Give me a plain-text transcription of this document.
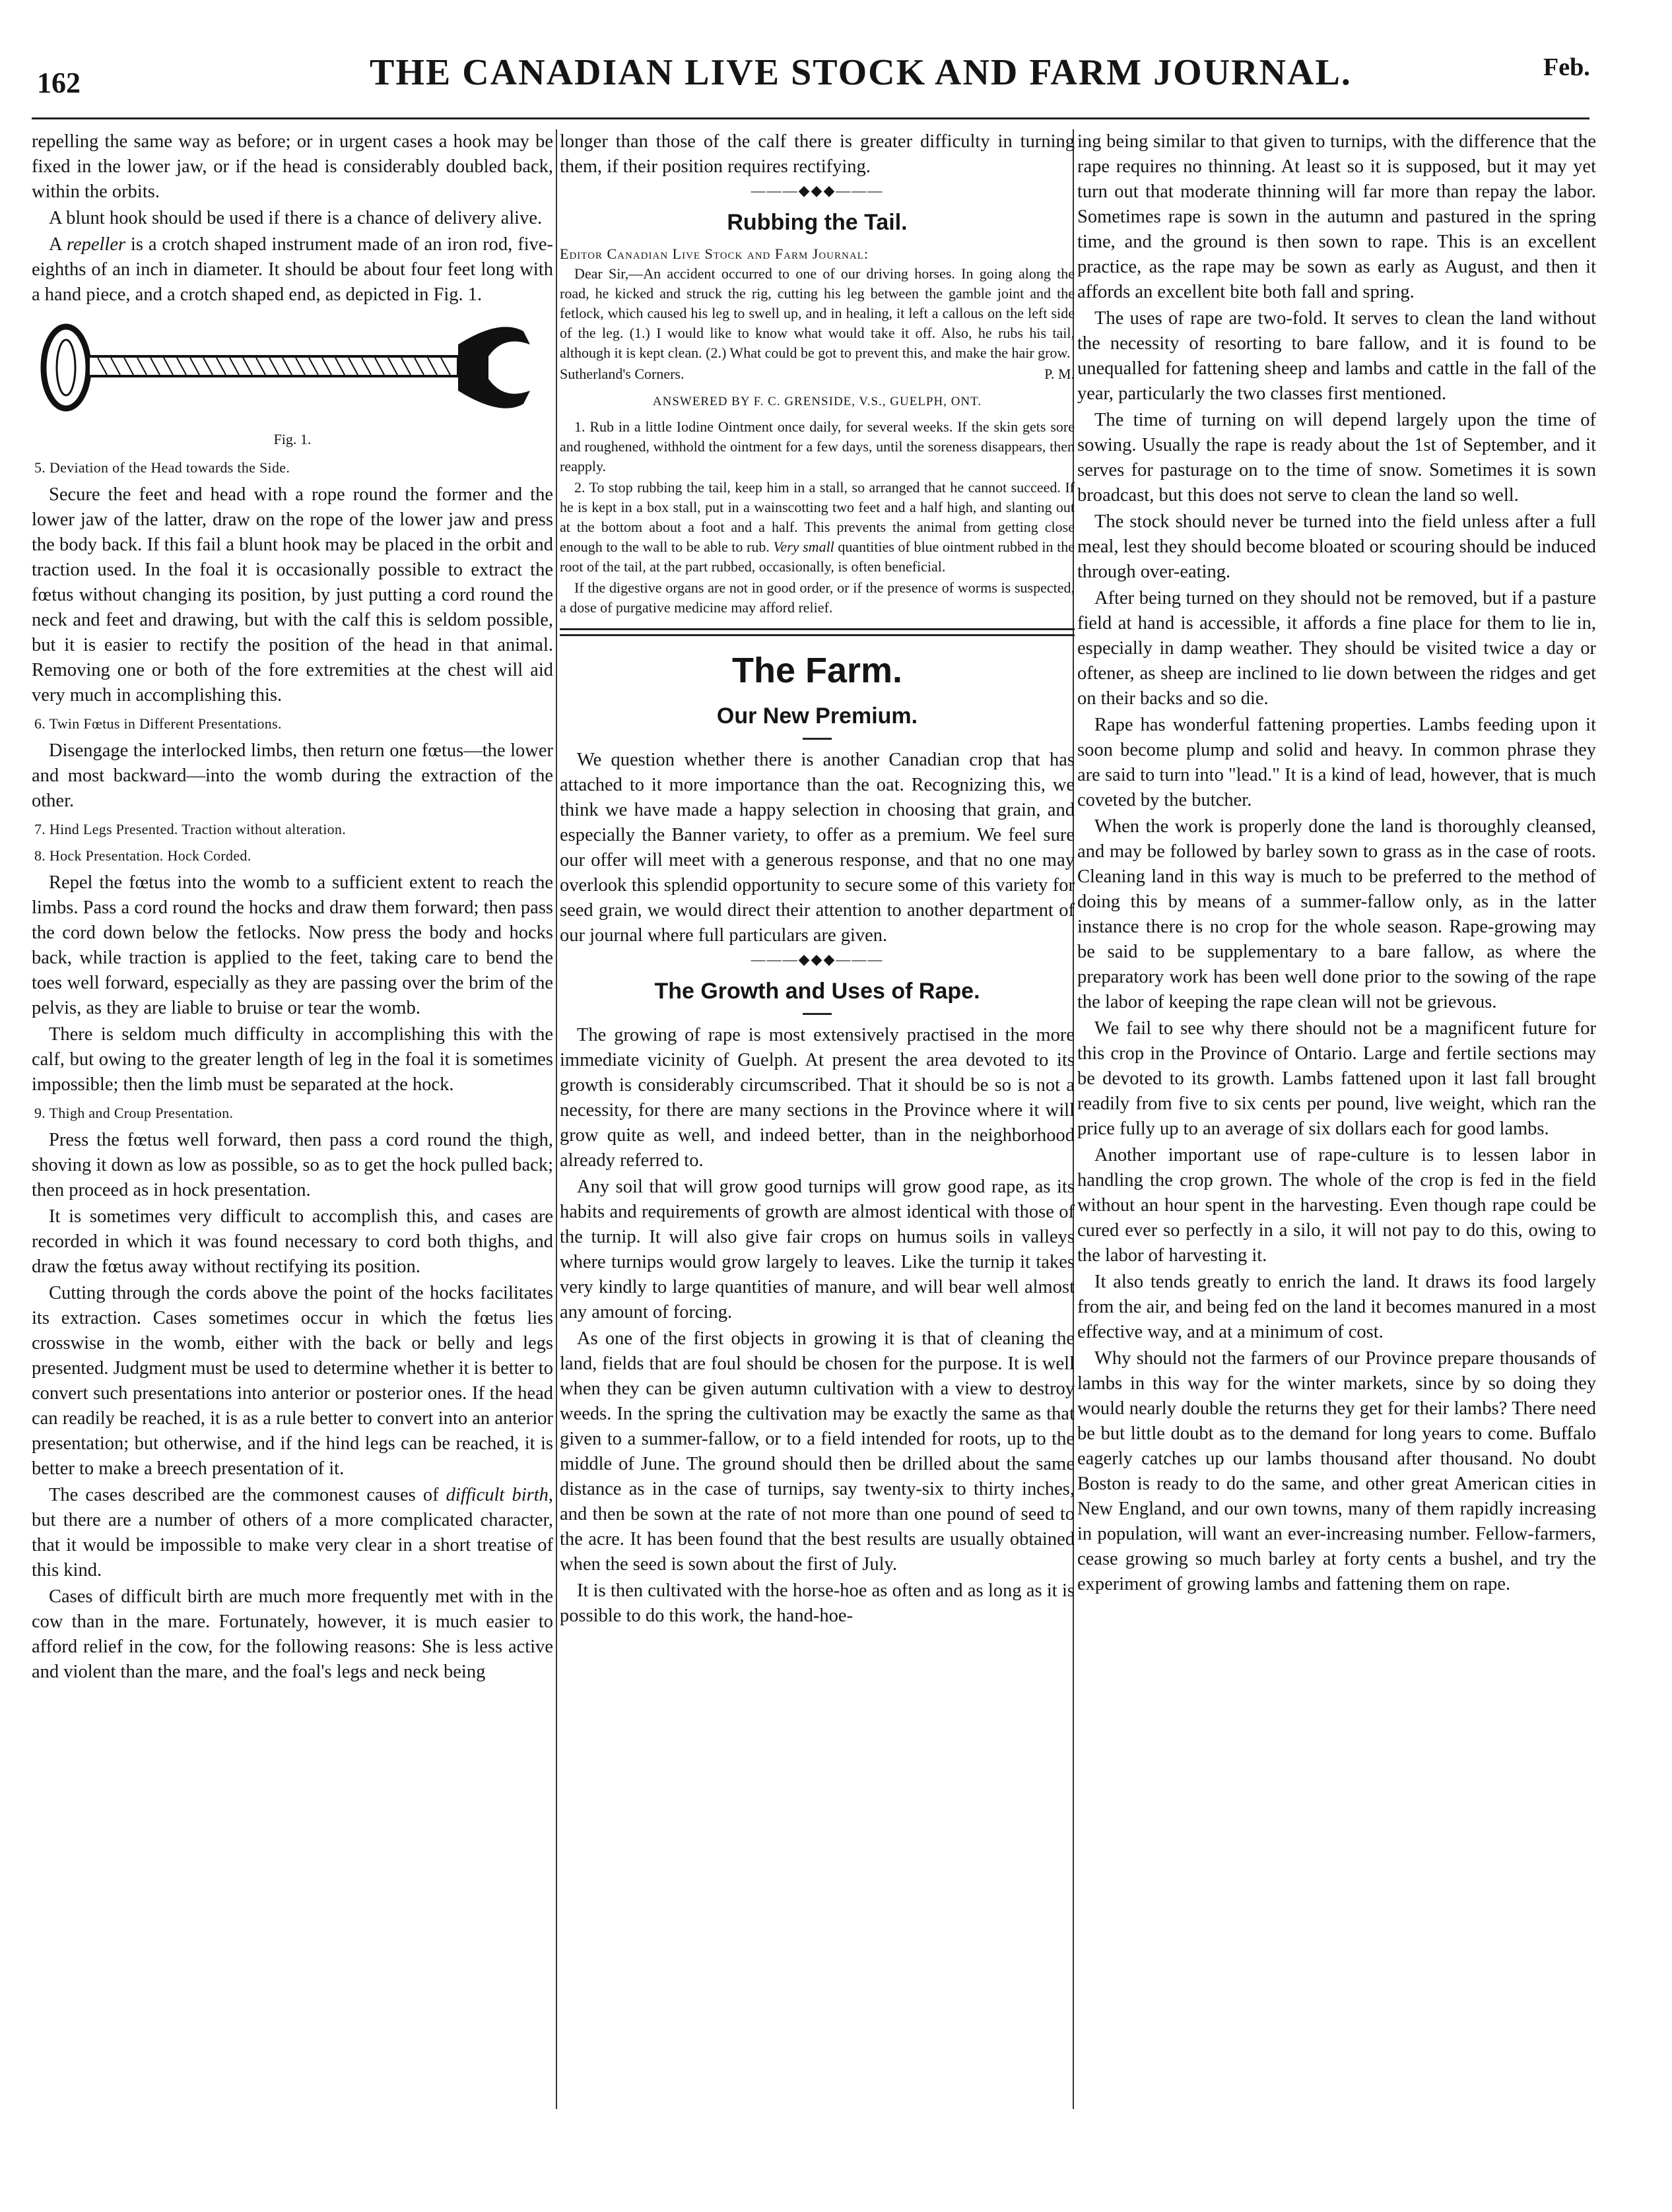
162	THE CANADIAN LIVE STOCK AND FARM JOURNAL.	Feb.

repelling the same way as before; or in urgent cases a hook may be fixed in the lower jaw, or if the head is considerably doubled back, within the orbits.

A blunt hook should be used if there is a chance of delivery alive.

A repeller is a crotch shaped instrument made of an iron rod, five-eighths of an inch in diameter. It should be about four feet long with a hand piece, and a crotch shaped end, as depicted in Fig. 1.

Fig. 1.
5. Deviation of the Head towards the Side.

Secure the feet and head with a rope round the former and the lower jaw of the latter, draw on the rope of the lower jaw and press the body back. If this fail a blunt hook may be placed in the orbit and traction used. In the foal it is occasionally possible to extract the fœtus without changing its position, by just putting a cord round the neck and feet and drawing, but with the calf this is seldom possible, but it is easier to rectify the position of the head in that animal. Removing one or both of the fore extremities at the chest will aid very much in accomplishing this.

6. Twin Fœtus in Different Presentations.

Disengage the interlocked limbs, then return one fœtus—the lower and most backward—into the womb during the extraction of the other.

7. Hind Legs Presented. Traction without alteration.
8. Hock Presentation. Hock Corded.

Repel the fœtus into the womb to a sufficient extent to reach the limbs. Pass a cord round the hocks and draw them forward; then pass the cord down below the fetlocks. Now press the body and hocks back, while traction is applied to the feet, taking care to bend the toes well forward, especially as they are passing over the brim of the pelvis, as they are liable to bruise or tear the womb.

There is seldom much difficulty in accomplishing this with the calf, but owing to the greater length of leg in the foal it is sometimes impossible; then the limb must be separated at the hock.

9. Thigh and Croup Presentation.

Press the fœtus well forward, then pass a cord round the thigh, shoving it down as low as possible, so as to get the hock pulled back; then proceed as in hock presentation.

It is sometimes very difficult to accomplish this, and cases are recorded in which it was found necessary to cord both thighs, and draw the fœtus away without rectifying its position.

Cutting through the cords above the point of the hocks facilitates its extraction. Cases sometimes occur in which the fœtus lies crosswise in the womb, either with the back or belly and legs presented. Judgment must be used to determine whether it is better to convert such presentations into anterior or posterior ones. If the head can readily be reached, it is as a rule better to convert into an anterior presentation; but otherwise, and if the hind legs can be reached, it is better to make a breech presentation of it.

The cases described are the commonest causes of difficult birth, but there are a number of others of a more complicated character, that it would be impossible to make very clear in a short treatise of this kind.

Cases of difficult birth are much more frequently met with in the cow than in the mare. Fortunately, however, it is much easier to afford relief in the cow, for the following reasons: She is less active and violent than the mare, and the foal's legs and neck being

longer than those of the calf there is greater difficulty in turning them, if their position requires rectifying.

———◆◆◆———
Rubbing the Tail.
Editor Canadian Live Stock and Farm Journal:

Dear Sir,—An accident occurred to one of our driving horses. In going along the road, he kicked and struck the rig, cutting his leg between the gamble joint and the fetlock, which caused his leg to swell up, and in healing, it left a callous on the left side of the leg. (1.) I would like to know what would take it off. Also, he rubs his tail, although it is kept clean. (2.) What could be got to prevent this, and make the hair grow.

Sutherland's Corners.	P. M.
ANSWERED BY F. C. GRENSIDE, V.S., GUELPH, ONT.

1. Rub in a little Iodine Ointment once daily, for several weeks. If the skin gets sore and roughened, withhold the ointment for a few days, until the soreness disappears, then reapply.

2. To stop rubbing the tail, keep him in a stall, so arranged that he cannot succeed. If he is kept in a box stall, put in a wainscotting two feet and a half high, and slanting out at the bottom about a foot and a half. This prevents the animal from getting close enough to the wall to be able to rub. Very small quantities of blue ointment rubbed in the root of the tail, at the part rubbed, occasionally, is often beneficial.

If the digestive organs are not in good order, or if the presence of worms is suspected, a dose of purgative medicine may afford relief.

The Farm.
Our New Premium.

We question whether there is another Canadian crop that has attached to it more importance than the oat. Recognizing this, we think we have made a happy selection in choosing that grain, and especially the Banner variety, to offer as a premium. We feel sure our offer will meet with a generous response, and that no one may overlook this splendid opportunity to secure some of this variety for seed grain, we would direct their attention to another department of our journal where full particulars are given.

———◆◆◆———
The Growth and Uses of Rape.

The growing of rape is most extensively practised in the more immediate vicinity of Guelph. At present the area devoted to its growth is considerably circumscribed. That it should be so is not a necessity, for there are many sections in the Province where it will grow quite as well, and indeed better, than in the neighborhood already referred to.

Any soil that will grow good turnips will grow good rape, as its habits and requirements of growth are almost identical with those of the turnip. It will also give fair crops on humus soils in valleys where turnips would grow largely to leaves. Like the turnip it takes very kindly to large quantities of manure, and will bear well almost any amount of forcing.

As one of the first objects in growing it is that of cleaning the land, fields that are foul should be chosen for the purpose. It is well when they can be given autumn cultivation with a view to destroy weeds. In the spring the cultivation may be exactly the same as that given to a summer-fallow, or to a field intended for roots, up to the middle of June. The ground should then be drilled about the same distance as in the case of turnips, say twenty-six to thirty inches, and then be sown at the rate of not more than one pound of seed to the acre. It has been found that the best results are usually obtained when the seed is sown about the first of July.

It is then cultivated with the horse-hoe as often and as long as it is possible to do this work, the hand-hoe-

ing being similar to that given to turnips, with the difference that the rape requires no thinning. At least so it is supposed, but it may yet turn out that moderate thinning will far more than repay the labor. Sometimes rape is sown in the autumn and pastured in the spring time, and the ground is then sown to rape. This is an excellent practice, as the rape may be sown as early as August, and then it affords an excellent bite both fall and spring.

The uses of rape are two-fold. It serves to clean the land without the necessity of resorting to bare fallow, and it is found to be unequalled for fattening sheep and lambs and cattle in the fall of the year, particularly the two classes first mentioned.

The time of turning on will depend largely upon the time of sowing. Usually the rape is ready about the 1st of September, and it serves for pasturage on to the time of snow. Sometimes it is sown broadcast, but this does not serve to clean the land so well.

The stock should never be turned into the field unless after a full meal, lest they should become bloated or scouring should be induced through over-eating.

After being turned on they should not be removed, but if a pasture field at hand is accessible, it affords a fine place for them to lie in, especially in damp weather. They should be visited twice a day or oftener, as sheep are inclined to lie down between the ridges and get on their backs and so die.

Rape has wonderful fattening properties. Lambs feeding upon it soon become plump and solid and heavy. In common phrase they are said to turn into "lead." It is a kind of lead, however, that is much coveted by the butcher.

When the work is properly done the land is thoroughly cleansed, and may be followed by barley sown to grass as in the case of roots. Cleaning land in this way is much to be preferred to the method of doing this by means of a summer-fallow only, as in the latter instance there is no crop for the whole season. Rape-growing may be said to be supplementary to a bare fallow, as where the preparatory work has been well done prior to the sowing of the rape the labor of keeping the rape clean will not be grievous.

We fail to see why there should not be a magnificent future for this crop in the Province of Ontario. Large and fertile sections may be devoted to its growth. Lambs fattened upon it last fall brought readily from five to six cents per pound, live weight, which ran the price fully up to an average of six dollars each for good lambs.

Another important use of rape-culture is to lessen labor in handling the crop grown. The whole of the crop is fed in the field without an hour spent in the harvesting. Even though rape could be cured ever so perfectly in a silo, it will not pay to do this, owing to the labor of harvesting it.

It also tends greatly to enrich the land. It draws its food largely from the air, and being fed on the land it becomes manured in a most effective way, and at a minimum of cost.

Why should not the farmers of our Province prepare thousands of lambs in this way for the winter markets, since by so doing they would nearly double the returns they get for their lambs? There need be but little doubt as to the demand for long years to come. Buffalo eagerly catches up our lambs thousand after thousand. No doubt Boston is ready to do the same, and other great American cities in New England, and our own towns, many of them rapidly increasing in population, will want an ever-increasing number. Fellow-farmers, cease growing so much barley at forty cents a bushel, and try the experiment of growing lambs and fattening them on rape.
